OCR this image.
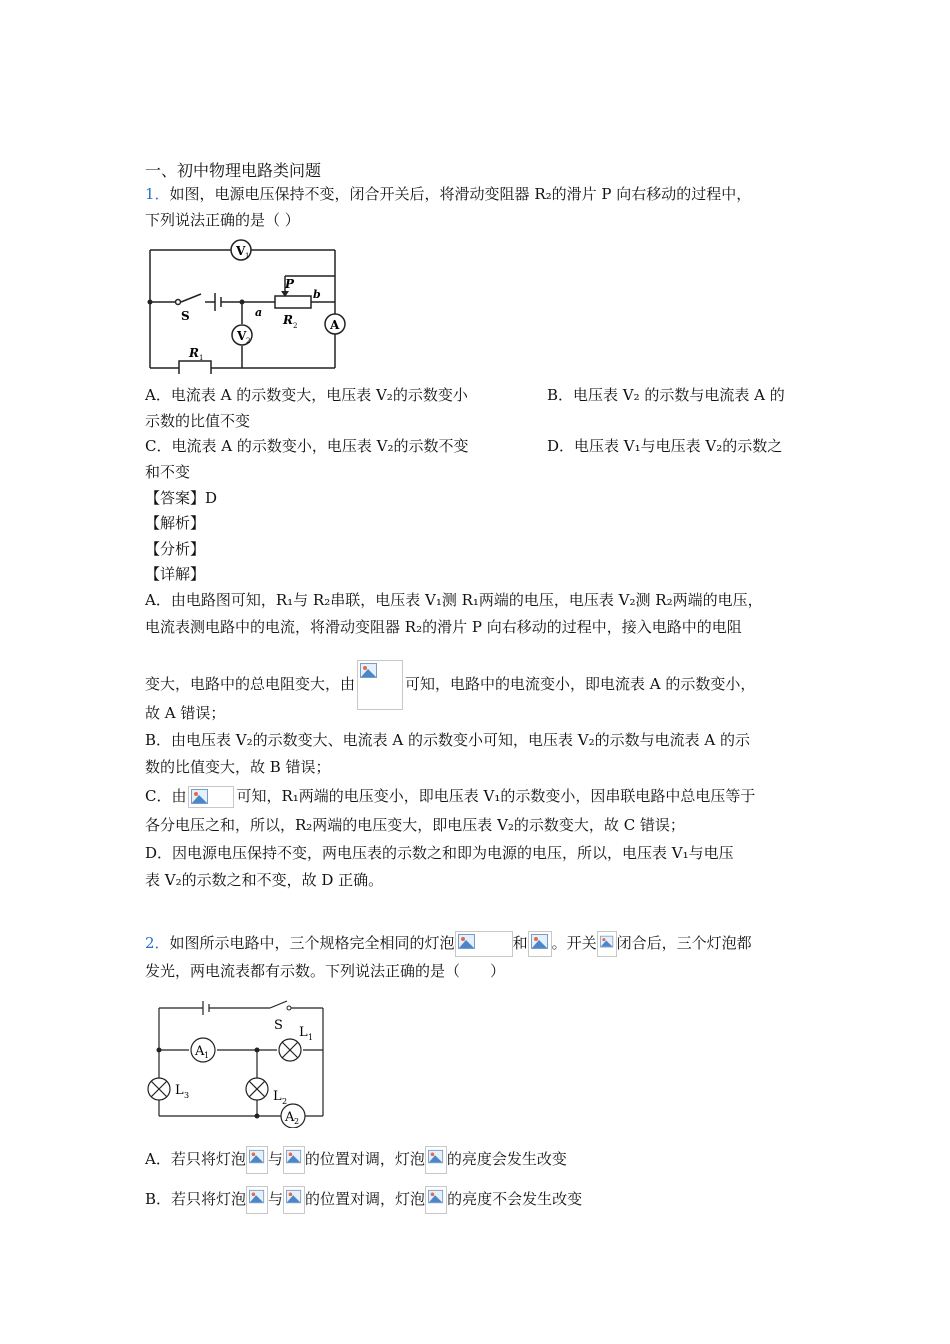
一、初中物理电路类问题
1．如图，电源电压保持不变，闭合开关后，将滑动变阻器 R₂的滑片 P 向右移动的过程中，
下列说法正确的是（ ）
V 1
V 2
A
S
P
a
b
R 2
R 1
A．电流表 A 的示数变大，电压表 V₂的示数变小	B．电压表 V₂ 的示数与电流表 A 的
示数的比值不变
C．电流表 A 的示数变小，电压表 V₂的示数不变	D．电压表 V₁与电压表 V₂的示数之
和不变
【答案】D
【解析】
【分析】
【详解】
A．由电路图可知，R₁与 R₂串联，电压表 V₁测 R₁两端的电压，电压表 V₂测 R₂两端的电压，
电流表测电路中的电流，将滑动变阻器 R₂的滑片 P 向右移动的过程中，接入电路中的电阻
变大，电路中的总电阻变大，由	可知，电路中的电流变小，即电流表 A 的示数变小，
故 A 错误；
B．由电压表 V₂的示数变大、电流表 A 的示数变小可知，电压表 V₂的示数与电流表 A 的示
数的比值变大，故 B 错误；
C．由	可知，R₁两端的电压变小，即电压表 V₁的示数变小，因串联电路中总电压等于
各分电压之和，所以，R₂两端的电压变大，即电压表 V₂的示数变大，故 C 错误；
D．因电源电压保持不变，两电压表的示数之和即为电源的电压，所以，电压表 V₁与电压
表 V₂的示数之和不变，故 D 正确。
2．如图所示电路中，三个规格完全相同的灯泡	和 。开关 闭合后，三个灯泡都
发光，两电流表都有示数。下列说法正确的是（　　）
S L 1
L 3	L 2
A 1
A 2
A．若只将灯泡 与 的位置对调，灯泡 的亮度会发生改变
B．若只将灯泡 与 的位置对调，灯泡 的亮度不会发生改变
